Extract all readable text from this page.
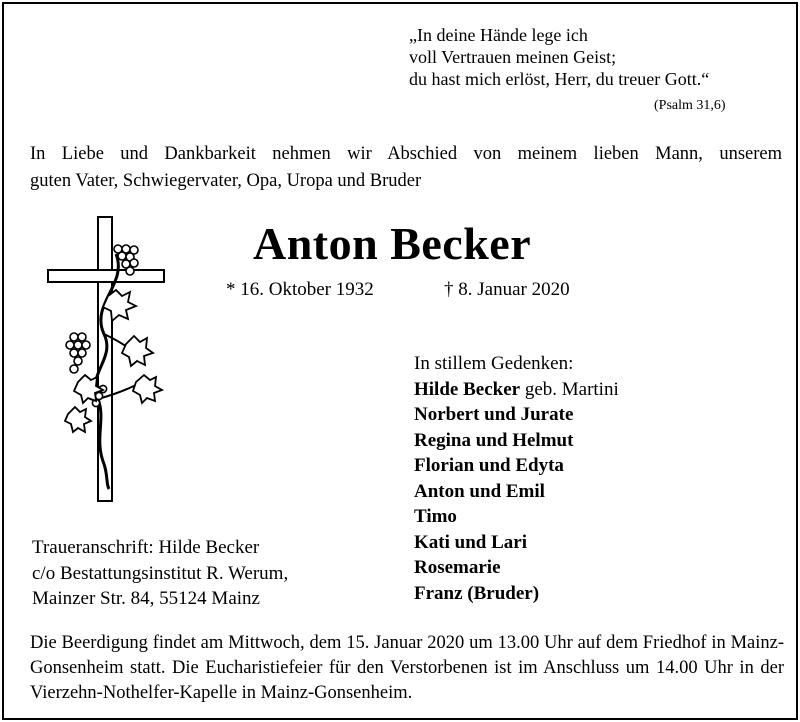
„In deine Hände lege ich
voll Vertrauen meinen Geist;
du hast mich erlöst, Herr, du treuer Gott.“
(Psalm 31,6)
In Liebe und Dankbarkeit nehmen wir Abschied von meinem lieben Mann, unserem
guten Vater, Schwiegervater, Opa, Uropa und Bruder
Anton Becker
* 16. Oktober 1932	† 8. Januar 2020
In stillem Gedenken:
Hilde Becker geb. Martini
Norbert und Jurate
Regina und Helmut
Florian und Edyta
Anton und Emil
Timo
Kati und Lari
Rosemarie
Franz (Bruder)
Traueranschrift: Hilde Becker
c/o Bestattungsinstitut R. Werum,
Mainzer Str. 84, 55124 Mainz
Die Beerdigung findet am Mittwoch, dem 15. Januar 2020 um 13.00 Uhr auf dem Friedhof in Mainz-Gonsenheim statt. Die Eucharistiefeier für den Verstorbenen ist im Anschluss um 14.00 Uhr in der Vierzehn-Nothelfer-Kapelle in Mainz-Gonsenheim.
